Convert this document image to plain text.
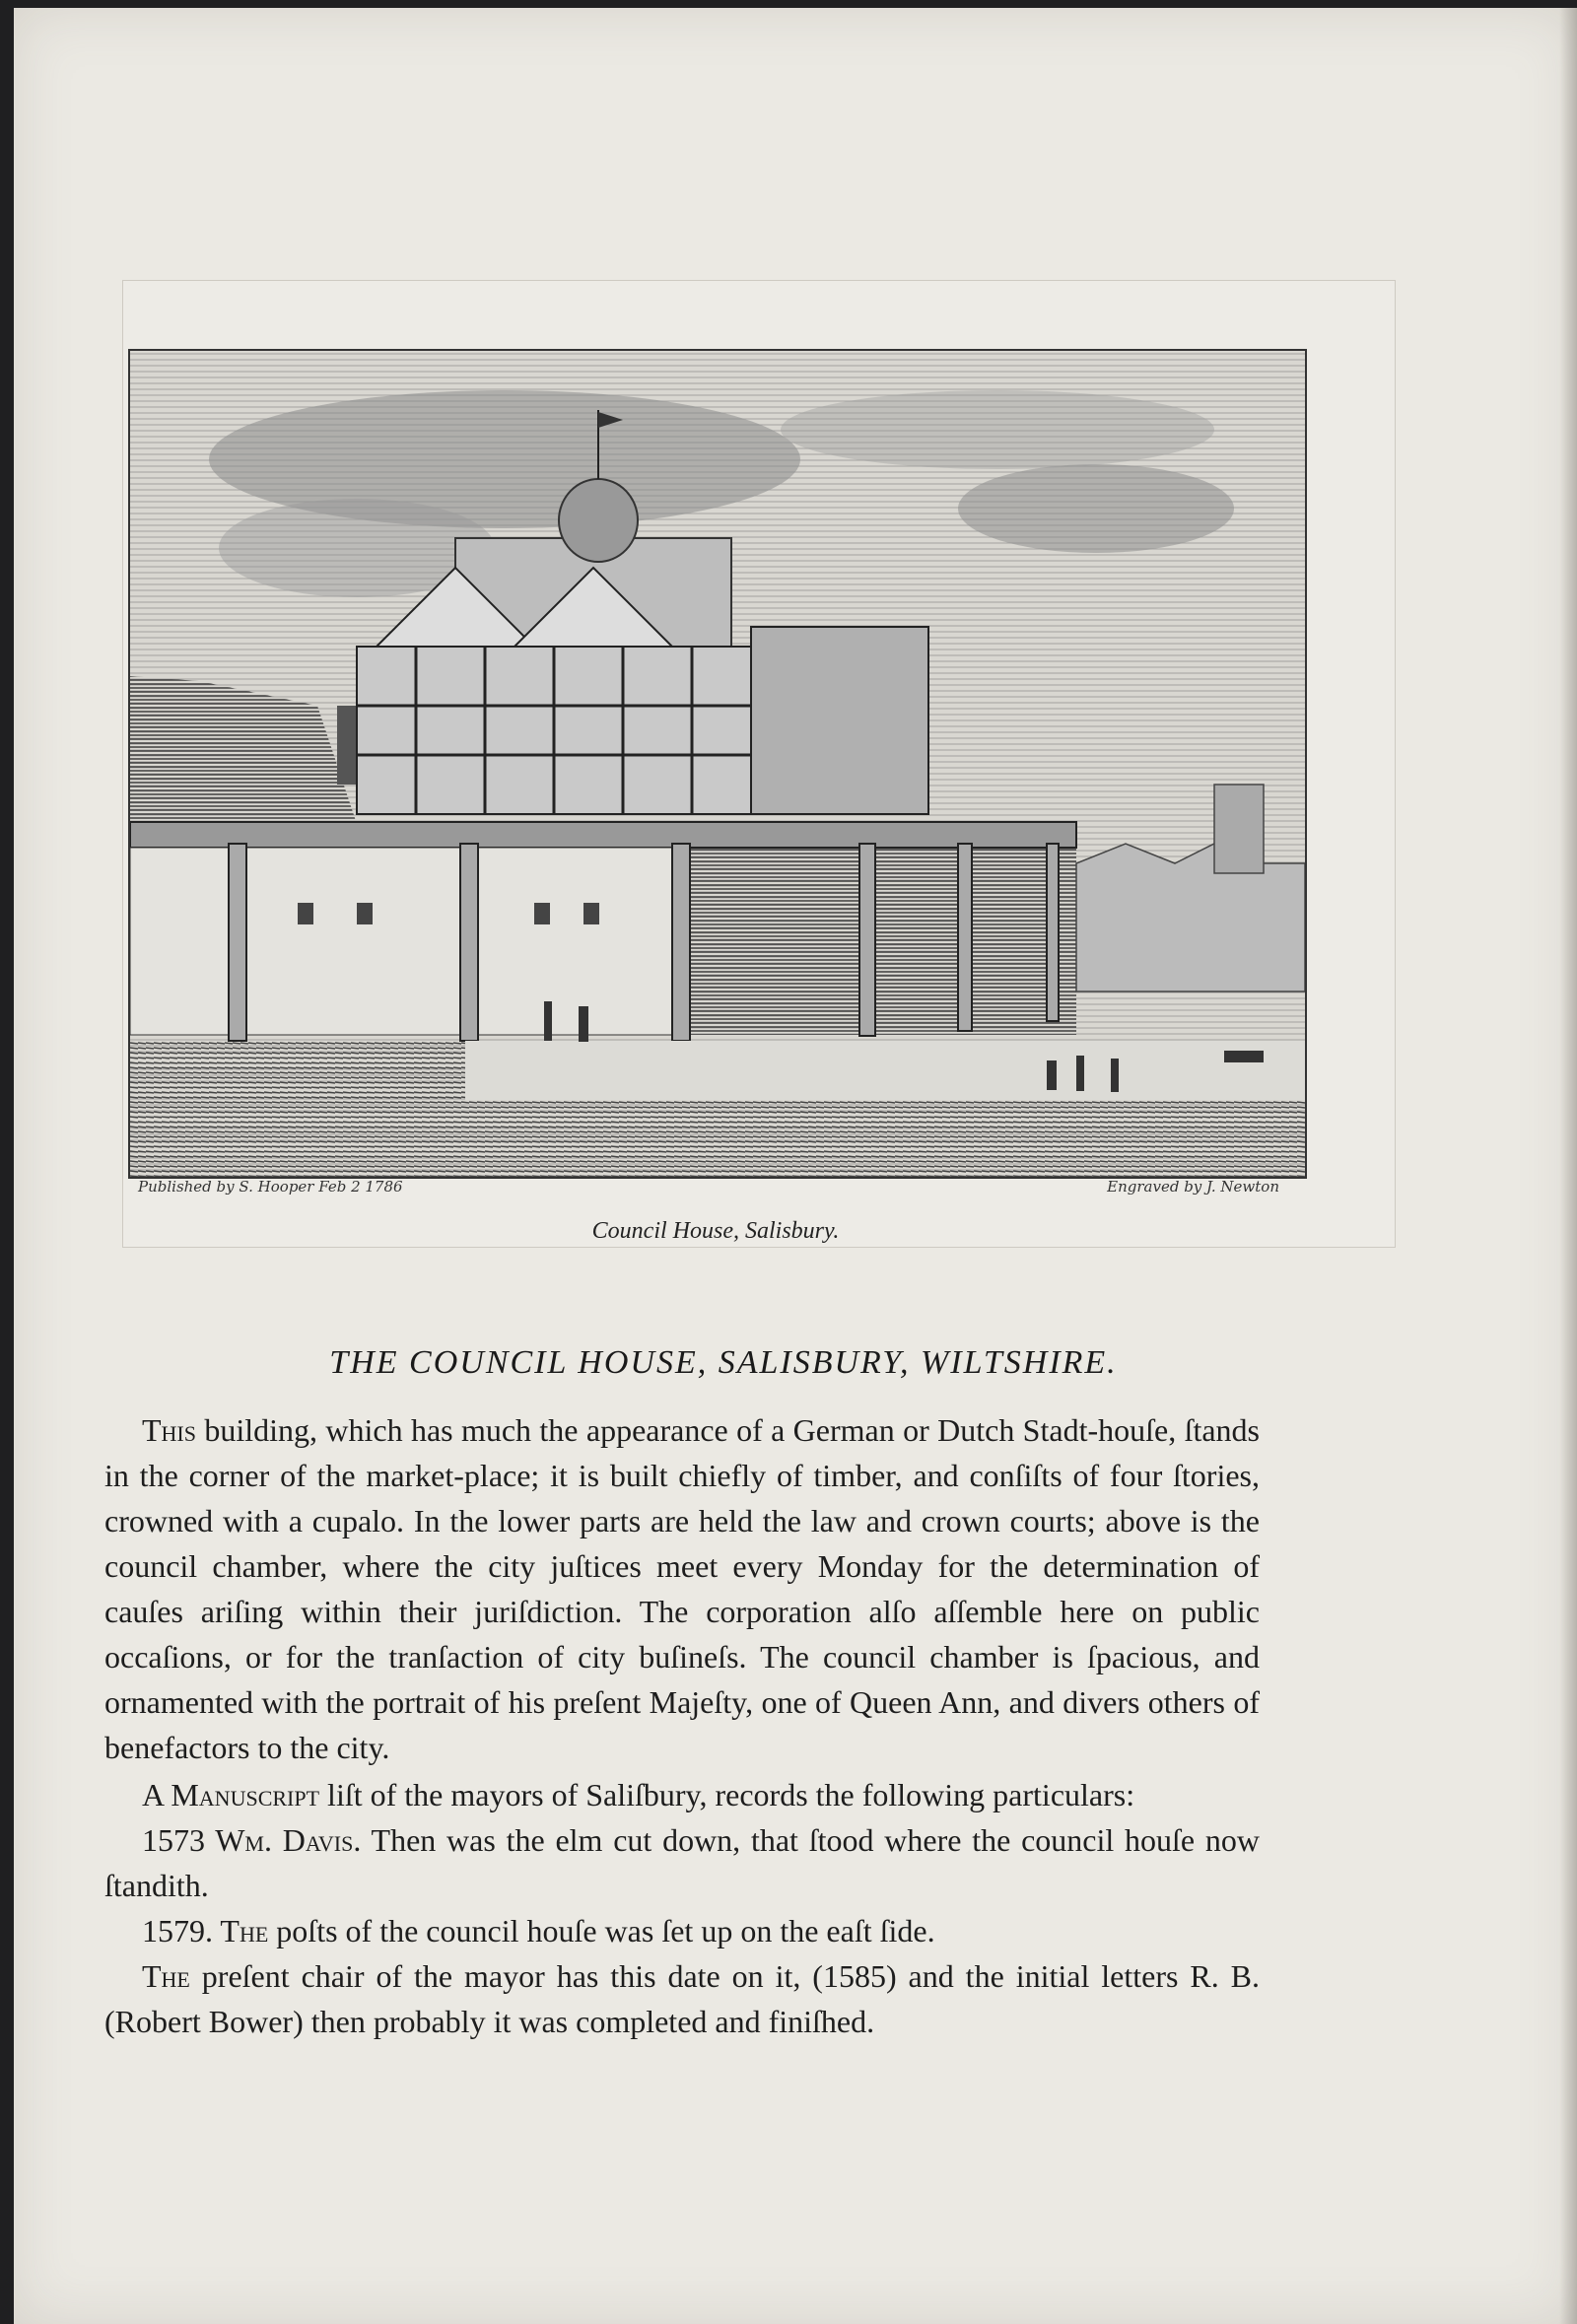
Published by S. Hooper Feb 2 1786	Engraved by J. Newton
Council House, Salisbury.
THE COUNCIL HOUSE, SALISBURY, WILTSHIRE.

This building, which has much the appearance of a German or Dutch Stadt-houſe, ſtands in the corner of the market-place; it is built chiefly of timber, and conſiſts of four ſtories, crowned with a cupalo. In the lower parts are held the law and crown courts; above is the council chamber, where the city juſtices meet every Monday for the determination of cauſes ariſing within their juriſdiction. The corporation alſo aſſemble here on public occaſions, or for the tranſaction of city buſineſs. The council chamber is ſpacious, and ornamented with the portrait of his preſent Majeſty, one of Queen Ann, and divers others of benefactors to the city.

A Manuscript liſt of the mayors of Saliſbury, records the following particulars:

1573 Wm. Davis. Then was the elm cut down, that ſtood where the council houſe now ſtandith.

1579. The poſts of the council houſe was ſet up on the eaſt ſide.

The preſent chair of the mayor has this date on it, (1585) and the initial letters R. B. (Robert Bower) then probably it was completed and finiſhed.
